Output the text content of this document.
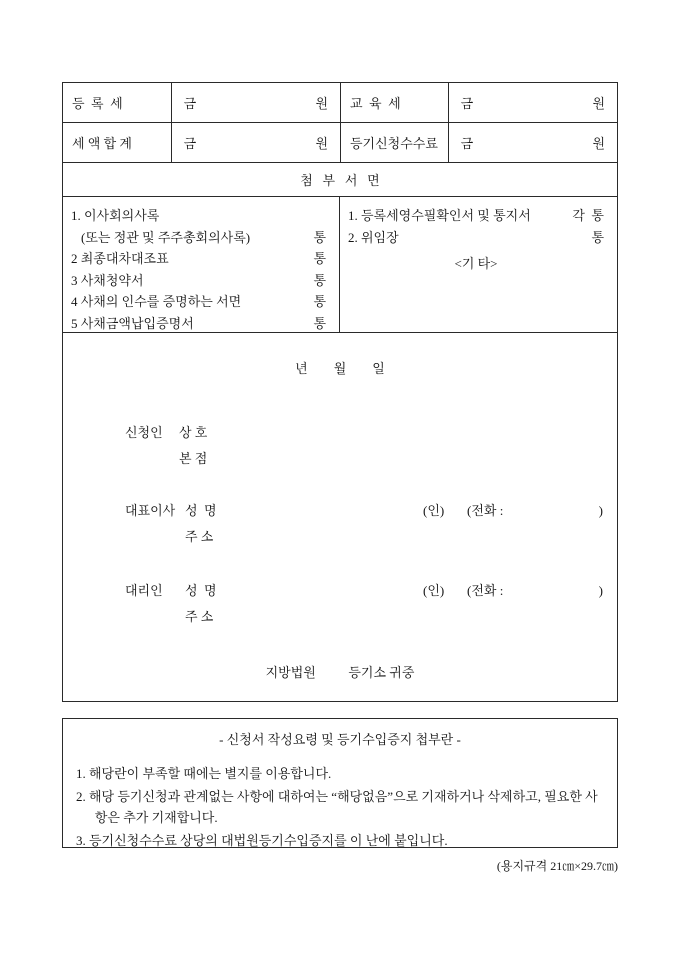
등  록  세	금	원 교  육  세	금	원
세 액 합 계	금	원 등기신청수수료 금	원
첨   부   서   면
1. 이사회의사록
(또는 정관 및 주주총회의사록)	통
2 최종대차대조표	통
3 사채청약서	통
4 사채의 인수를 증명하는 서면	통
5 사채금액납입증명서	통
1. 등록세영수필확인서 및 통지서	각  통
2. 위임장	통
<기 타>
년        월        일
신청인 상 호
본 점
대표이사 성  명	(인) (전화 :	)
주 소
대리인 성  명	(인) (전화 :	)
주 소
지방법원          등기소 귀중
- 신청서 작성요령 및 등기수입증지 첩부란 -
1. 해당란이 부족할 때에는 별지를 이용합니다.
2. 해당 등기신청과 관계없는 사항에 대하여는 “해당없음”으로 기재하거나 삭제하고, 필요한 사항은 추가 기재합니다.
3. 등기신청수수료 상당의 대법원등기수입증지를 이 난에 붙입니다.
(용지규격 21㎝×29.7㎝)
